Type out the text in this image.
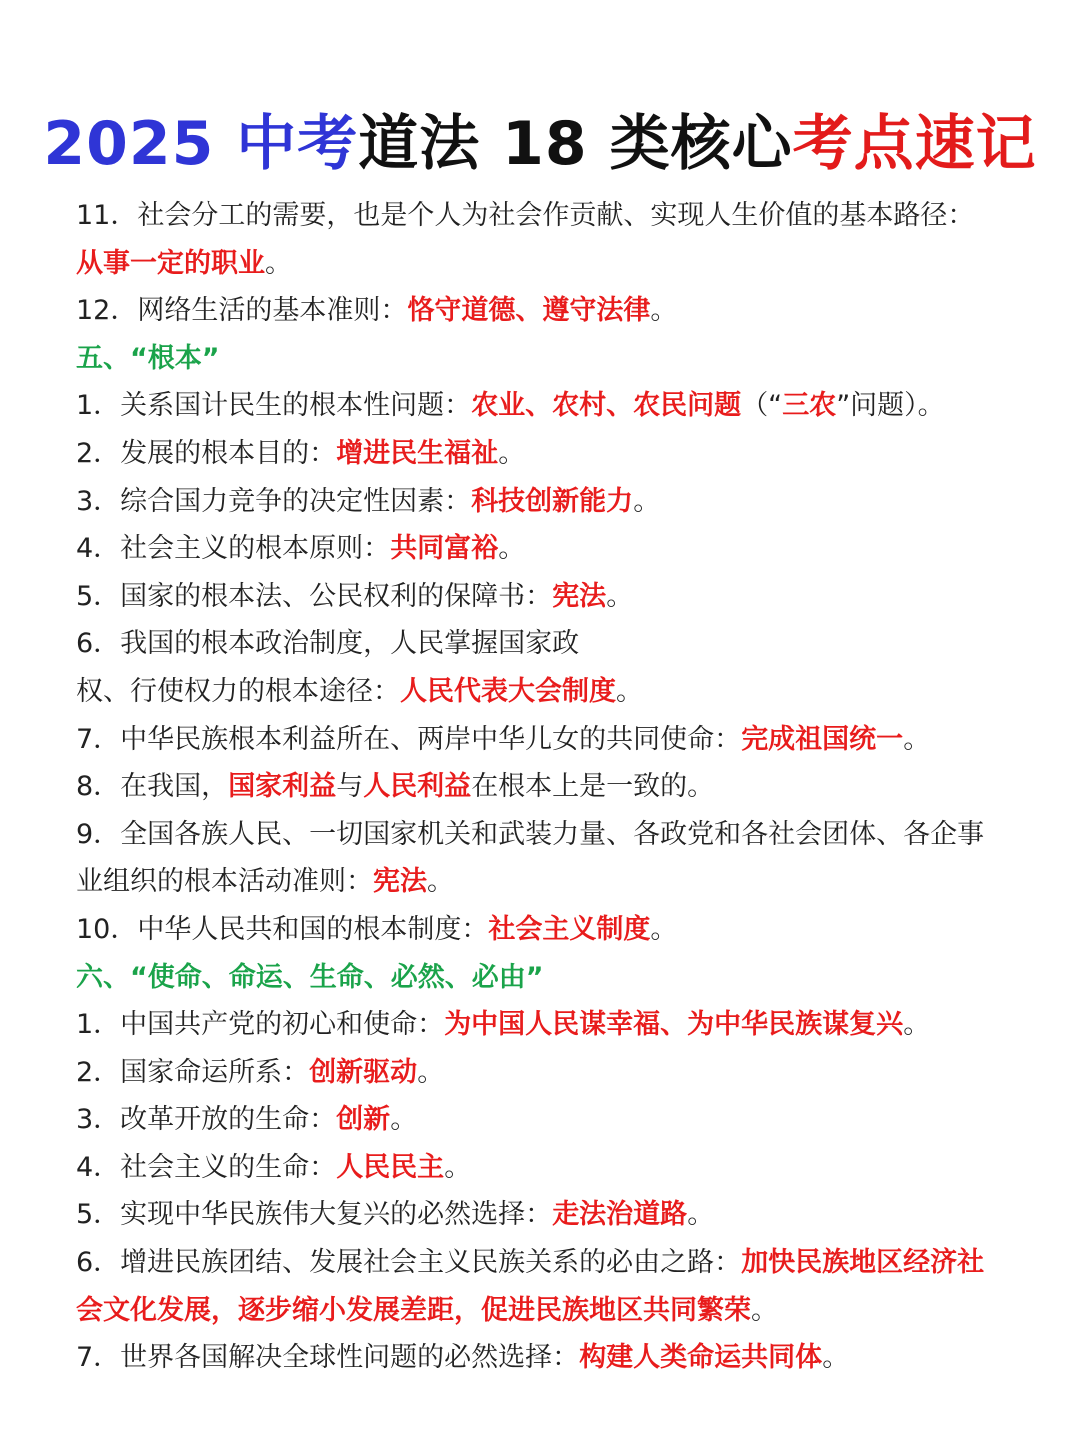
2025 中考道法 18 类核心考点速记
11．社会分工的需要，也是个人为社会作贡献、实现人生价值的基本路径：
从事一定的职业。
12．网络生活的基本准则：恪守道德、遵守法律。
五、“根本”
1．关系国计民生的根本性问题：农业、农村、农民问题（“三农”问题）。
2．发展的根本目的：增进民生福祉。
3．综合国力竞争的决定性因素：科技创新能力。
4．社会主义的根本原则：共同富裕。
5．国家的根本法、公民权利的保障书：宪法。
6．我国的根本政治制度，人民掌握国家政
权、行使权力的根本途径：人民代表大会制度。
7．中华民族根本利益所在、两岸中华儿女的共同使命：完成祖国统一。
8．在我国，国家利益与人民利益在根本上是一致的。
9．全国各族人民、一切国家机关和武装力量、各政党和各社会团体、各企事
业组织的根本活动准则：宪法。
10．中华人民共和国的根本制度：社会主义制度。
六、“使命、命运、生命、必然、必由”
1．中国共产党的初心和使命：为中国人民谋幸福、为中华民族谋复兴。
2．国家命运所系：创新驱动。
3．改革开放的生命：创新。
4．社会主义的生命：人民民主。
5．实现中华民族伟大复兴的必然选择：走法治道路。
6．增进民族团结、发展社会主义民族关系的必由之路：加快民族地区经济社
会文化发展，逐步缩小发展差距，促进民族地区共同繁荣。
7．世界各国解决全球性问题的必然选择：构建人类命运共同体。
